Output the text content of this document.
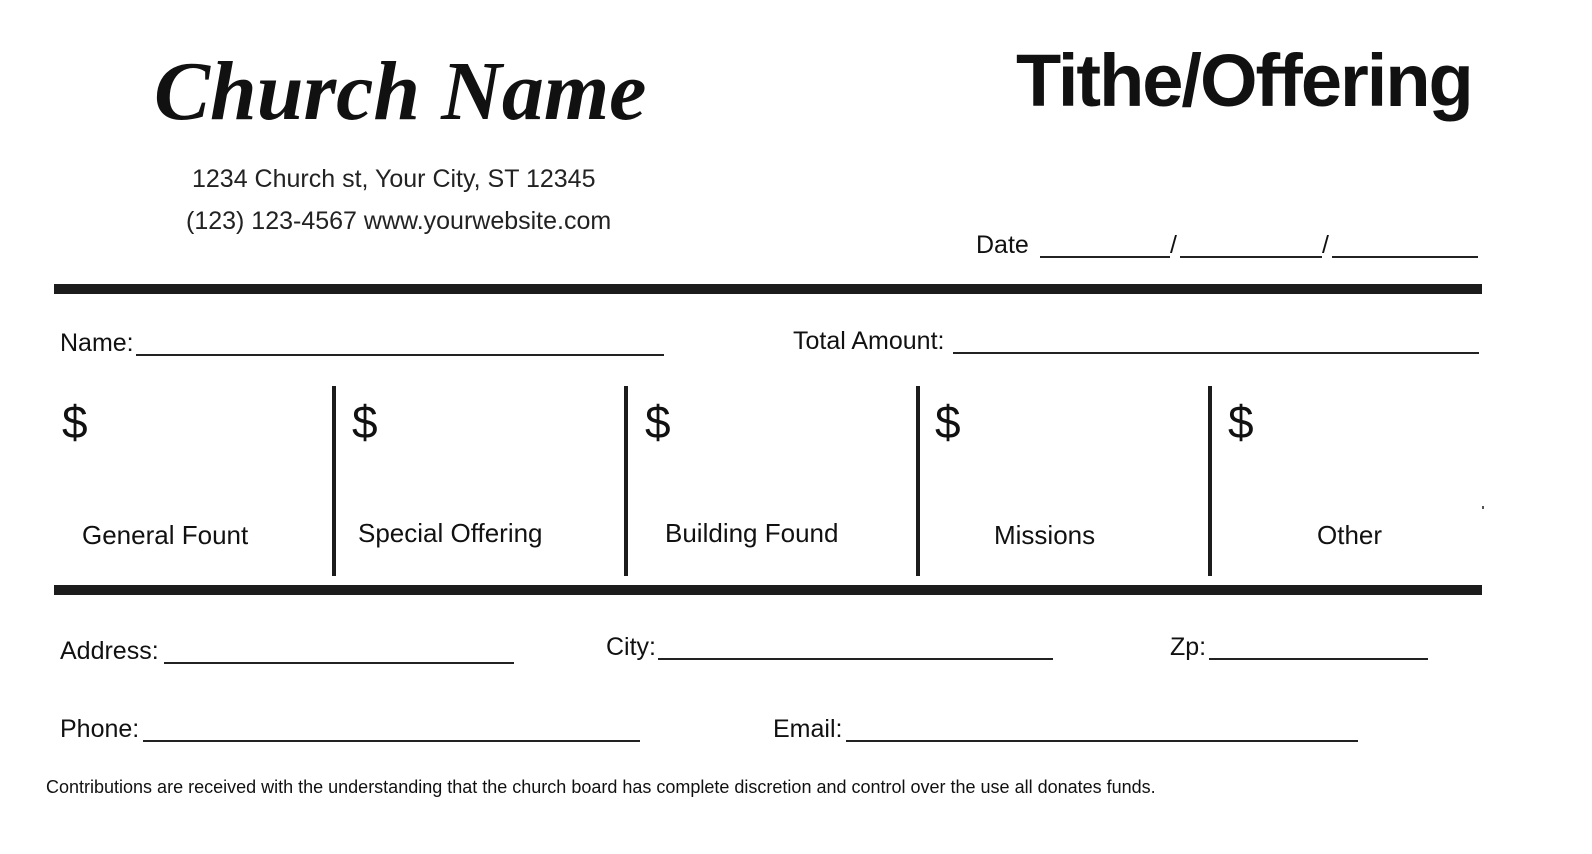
Church Name	Tithe/Offering
1234 Church st, Your City, ST 12345
(123) 123-4567 www.yourwebsite.com
Date	/	/
Name:	Total Amount:
$	$	$	$	$
General Fount	Special Offering	Building Found	Missions	Other
Address:	City:	Zp:
Phone:	Email:
Contributions are received with the understanding that the church board has complete discretion and control over the use all donates funds.
